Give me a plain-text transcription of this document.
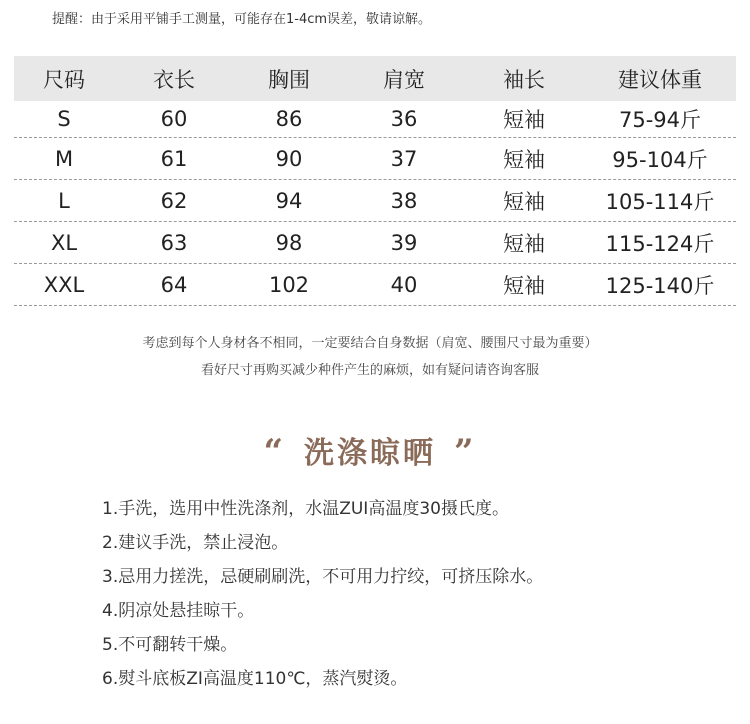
提醒：由于采用平铺手工测量，可能存在1-4cm误差，敬请谅解。
尺码	衣长	胸围	肩宽	袖长	建议体重
S	60	86	36	短袖	75-94斤
M	61	90	37	短袖	95-104斤
L	62	94	38	短袖	105-114斤
XL	63	98	39	短袖	115-124斤
XXL	64	102	40	短袖	125-140斤
考虑到每个人身材各不相同，一定要结合自身数据（肩宽、腰围尺寸最为重要）
看好尺寸再购买减少种件产生的麻烦，如有疑问请咨询客服
“ 洗涤晾晒 ”
1.手洗，选用中性洗涤剂，水温ZUI高温度30摄氏度。
2.建议手洗，禁止浸泡。
3.忌用力搓洗，忌硬刷刷洗，不可用力拧绞，可挤压除水。
4.阴凉处悬挂晾干。
5.不可翻转干燥。
6.熨斗底板ZI高温度110℃，蒸汽熨烫。
